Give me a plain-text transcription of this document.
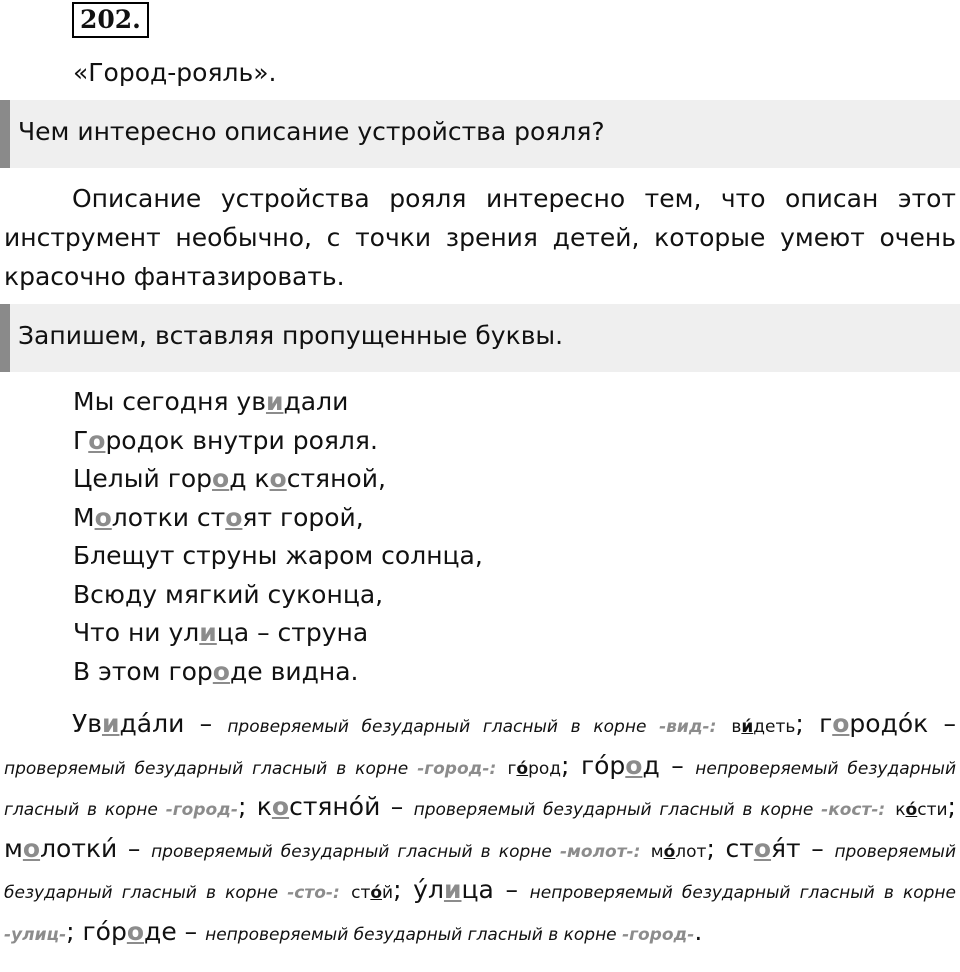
202.
«Город-рояль».
Чем интересно описание устройства рояля?

Описание устройства рояля интересно тем, что описан этот инструмент необычно, с точки зрения детей, которые умеют очень красочно фантазировать.

Запишем, вставляя пропущенные буквы.
Мы сегодня увидали
Городок внутри рояля.
Целый город костяной,
Молотки стоят горой,
Блещут струны жаром солнца,
Всюду мягкий суконца,
Что ни улица – струна
В этом городе видна.

Увида́ли – проверяемый безударный гласный в корне -вид-: ви́деть; городо́к – проверяемый безударный гласный в корне -город-: го́род; го́род – непроверяемый безударный гласный в корне -город-; костяно́й – проверяемый безударный гласный в корне -кост-: ко́сти; молотки́ – проверяемый безударный гласный в корне -молот-: мо́лот; стоя́т – проверяемый безударный гласный в корне -сто-: сто́й; у́лица – непроверяемый безударный гласный в корне -улиц-; го́роде – непроверяемый безударный гласный в корне -город-.
